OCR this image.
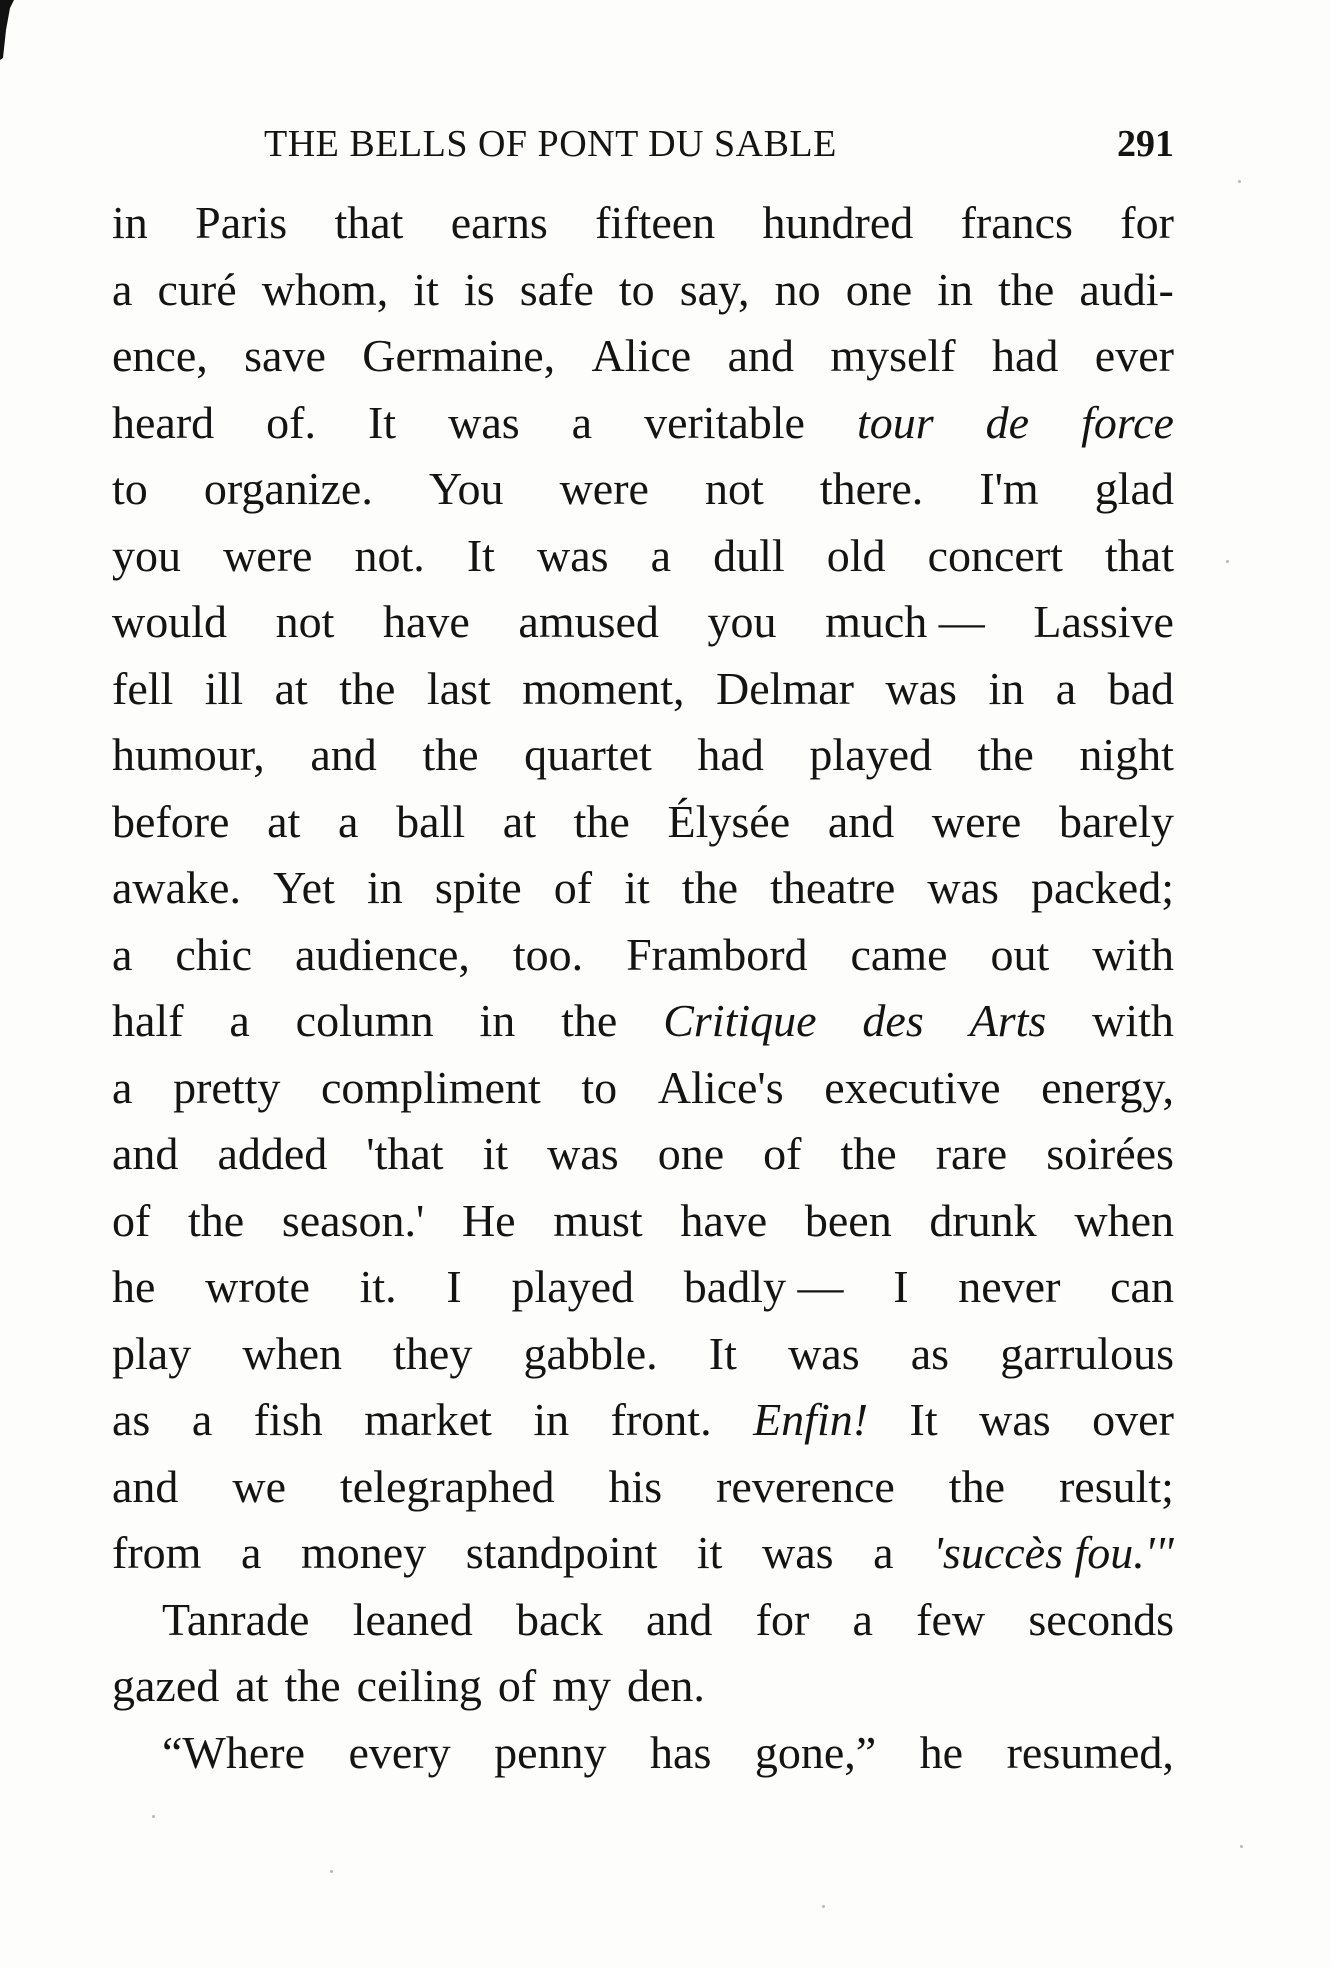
THE BELLS OF PONT DU SABLE	291
in Paris that earns fifteen hundred francs for
a curé whom, it is safe to say, no one in the audi-
ence, save Germaine, Alice and myself had ever
heard of. It was a veritable tour de force
to organize. You were not there. I'm glad
you were not. It was a dull old concert that
would not have amused you much — Lassive
fell ill at the last moment, Delmar was in a bad
humour, and the quartet had played the night
before at a ball at the Élysée and were barely
awake. Yet in spite of it the theatre was packed;
a chic audience, too. Frambord came out with
half a column in the Critique des Arts with
a pretty compliment to Alice's executive energy,
and added 'that it was one of the rare soirées
of the season.' He must have been drunk when
he wrote it. I played badly — I never can
play when they gabble. It was as garrulous
as a fish market in front. Enfin! It was over
and we telegraphed his reverence the result;
from a money standpoint it was a 'succès fou.'"
Tanrade leaned back and for a few seconds
gazed at the ceiling of my den.
“Where every penny has gone,” he resumed,
